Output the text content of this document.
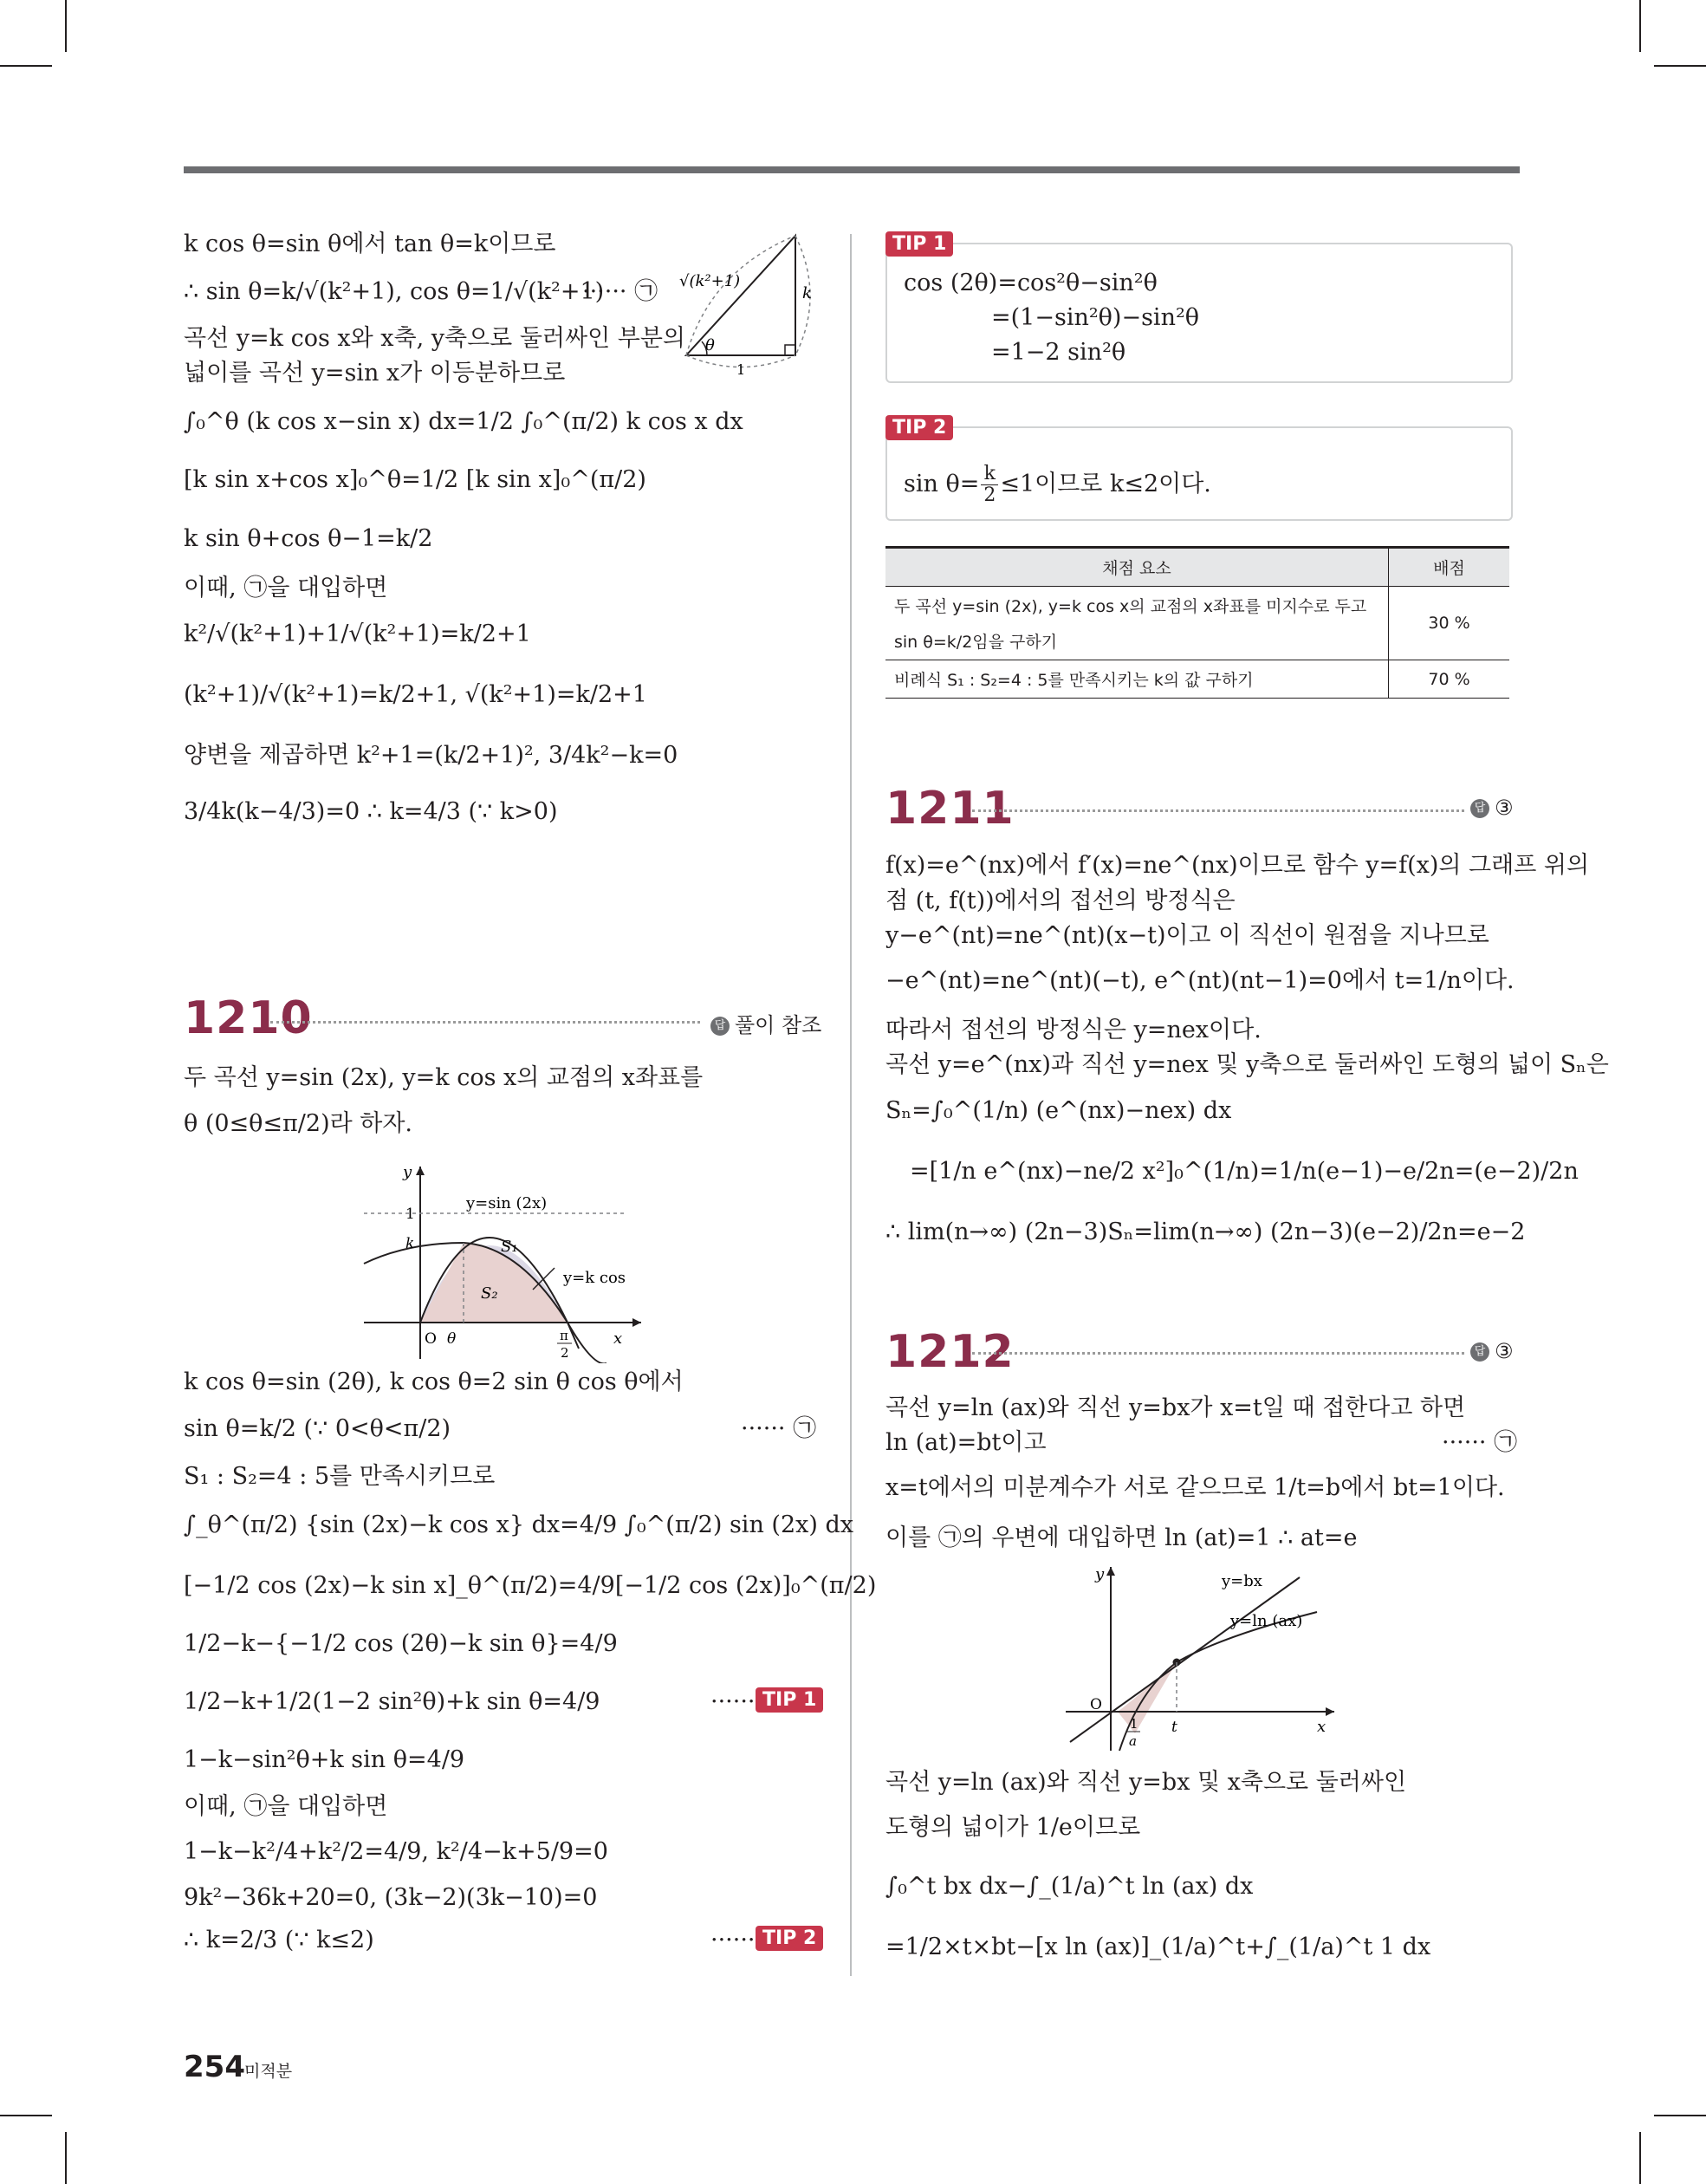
k cos θ=sin θ에서 tan θ=k이므로
∴ sin θ=k/√(k²+1), cos θ=1/√(k²+1)
······ ㉠
곡선 y=k cos x와 x축, y축으로 둘러싸인 부분의
넓이를 곡선 y=sin x가 이등분하므로
∫₀^θ (k cos x−sin x) dx=1/2 ∫₀^(π/2) k cos x dx
[k sin x+cos x]₀^θ=1/2 [k sin x]₀^(π/2)
k sin θ+cos θ−1=k/2
이때, ㉠을 대입하면
k²/√(k²+1)+1/√(k²+1)=k/2+1
(k²+1)/√(k²+1)=k/2+1, √(k²+1)=k/2+1
양변을 제곱하면 k²+1=(k/2+1)², 3/4k²−k=0
3/4k(k−4/3)=0 ∴ k=4/3 (∵ k>0)
√(k²+1)
k
1
θ
1210	답 풀이 참조
두 곡선 y=sin (2x), y=k cos x의 교점의 x좌표를
θ (0≤θ≤π/2)라 하자.
y
x
1
k
O θ	π
2
y=sin (2x)
y=k cos
S₁
S₂
k cos θ=sin (2θ), k cos θ=2 sin θ cos θ에서
sin θ=k/2 (∵ 0<θ<π/2)	······ ㉠
S₁ : S₂=4 : 5를 만족시키므로
∫_θ^(π/2) {sin (2x)−k cos x} dx=4/9 ∫₀^(π/2) sin (2x) dx
[−1/2 cos (2x)−k sin x]_θ^(π/2)=4/9[−1/2 cos (2x)]₀^(π/2)
1/2−k−{−1/2 cos (2θ)−k sin θ}=4/9
1/2−k+1/2(1−2 sin²θ)+k sin θ=4/9	······ TIP 1
1−k−sin²θ+k sin θ=4/9
이때, ㉠을 대입하면
1−k−k²/4+k²/2=4/9, k²/4−k+5/9=0
9k²−36k+20=0, (3k−2)(3k−10)=0
∴ k=2/3 (∵ k≤2)	······ TIP 2
TIP 1
cos (2θ)=cos²θ−sin²θ
=(1−sin²θ)−sin²θ
=1−2 sin²θ
TIP 2
$\sin \theta= \frac{k}{2} \le 1$이므로 k≤2이다.
채점 요소	배점

두 곡선 y=sin (2x), y=k cos x의 교점의 x좌표를 미지수로 두고
sin θ=k/2임을 구하기	30 %
비례식 S₁ : S₂=4 : 5를 만족시키는 k의 값 구하기	70 %
1211	답 ③
f(x)=e^(nx)에서 f′(x)=ne^(nx)이므로 함수 y=f(x)의 그래프 위의
점 (t, f(t))에서의 접선의 방정식은
y−e^(nt)=ne^(nt)(x−t)이고 이 직선이 원점을 지나므로
−e^(nt)=ne^(nt)(−t), e^(nt)(nt−1)=0에서 t=1/n이다.
따라서 접선의 방정식은 y=nex이다.
곡선 y=e^(nx)과 직선 y=nex 및 y축으로 둘러싸인 도형의 넓이 Sₙ은
Sₙ=∫₀^(1/n) (e^(nx)−nex) dx
=[1/n e^(nx)−ne/2 x²]₀^(1/n)=1/n(e−1)−e/2n=(e−2)/2n
∴ lim(n→∞) (2n−3)Sₙ=lim(n→∞) (2n−3)(e−2)/2n=e−2
1212	답 ③
곡선 y=ln (ax)와 직선 y=bx가 x=t일 때 접한다고 하면
ln (at)=bt이고	······ ㉠
x=t에서의 미분계수가 서로 같으므로 1/t=b에서 bt=1이다.
이를 ㉠의 우변에 대입하면 ln (at)=1 ∴ at=e
y
x
O
t
1
a
y=bx
y=ln (ax)
곡선 y=ln (ax)와 직선 y=bx 및 x축으로 둘러싸인
도형의 넓이가 1/e이므로
∫₀^t bx dx−∫_(1/a)^t ln (ax) dx
=1/2×t×bt−[x ln (ax)]_(1/a)^t+∫_(1/a)^t 1 dx
254 미적분
